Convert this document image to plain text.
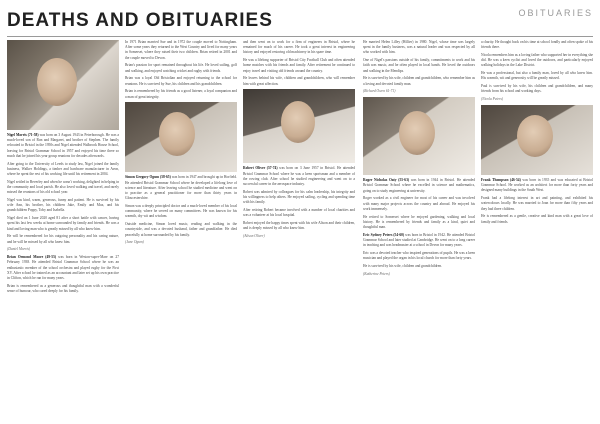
DEATHS AND OBITUARIES	OBITUARIES

Nigel Morris (71-58) was born on 3 August 1943 in Peterborough. He was a much-loved son of Ron and Margaret, and brother of Stephen. The family relocated to Bristol in the 1950s and Nigel attended Walbrook House School, leaving for Bristol Grammar School in 1957 and enjoyed his time there so much that he joined his year group reunions for decades afterwards.

After going to the University of Leeds to study law, Nigel joined the family business, Walker Holdings, a timber and hardware manufacturer in Avon, where he spent the rest of his working life until his retirement in 2004.

Nigel settled in Beverley and when he wasn't working, delighted in helping in the community and local parish. He also loved walking and travel, and rarely missed the reunions of his old school year.

Nigel was kind, warm, generous, funny and patient. He is survived by his wife Ann, his brother, his children Jake, Emily and Max, and his grandchildren Poppy, Toby and Isabella.

Nigel died on 1 June 2020 aged 81 after a short battle with cancer, having spent his last few weeks at home surrounded by family and friends. He was a kind and loving man who is greatly missed by all who knew him.

He will be remembered for his outgoing personality and his caring nature, and he will be missed by all who knew him.

(Daniel Morris)

Brian Ormond Moore (49-55) was born in Weston-super-Mare on 27 February 1938. He attended Bristol Grammar School where he was an enthusiastic member of the school orchestra and played rugby for the First XV. After school he trained as an accountant and later set up his own practice in Clifton, which he ran for many years.

Brian is remembered as a generous and thoughtful man with a wonderful sense of humour, who cared deeply for his family.

In 1971 Brian married Sue and in 1972 the couple moved to Nottingham. After some years they returned to the West Country and lived for many years in Somerset, where they raised their two children. Brian retired in 2001 and the couple moved to Devon.

Brian's passion for sport remained throughout his life. He loved sailing, golf and walking, and enjoyed watching cricket and rugby with friends.

Brian was a loyal Old Bristolian and enjoyed returning to the school for reunions. He is survived by Sue, his children and his grandchildren.

Brian is remembered by his friends as a good listener, a loyal companion and a man of great integrity.

Simon Gregory Ogum (58-65) was born in 1947 and brought up in Horfield. He attended Bristol Grammar School where he developed a lifelong love of science and literature. After leaving school he studied medicine and went on to practise as a general practitioner for more than thirty years in Gloucestershire.

Simon was a deeply principled doctor and a much-loved member of his local community, where he served on many committees. He was known for his warmth, dry wit and wisdom.

Outside medicine, Simon loved music, reading and walking in the countryside, and was a devoted husband, father and grandfather. He died peacefully at home surrounded by his family.

(Jane Ogum)

and then went on to work for a firm of engineers in Bristol, where he remained for much of his career. He took a great interest in engineering history and enjoyed restoring old machinery in his spare time.

He was a lifelong supporter of Bristol City Football Club and often attended home matches with his friends and family. After retirement he continued to enjoy travel and visiting old friends around the country.

He leaves behind his wife, children and grandchildren, who will remember him with great affection.

Robert Oliver (57-74) was born on 3 June 1957 in Bristol. He attended Bristol Grammar School where he was a keen sportsman and a member of the rowing club. After school he studied engineering and went on to a successful career in the aerospace industry.

Robert was admired by colleagues for his calm leadership, his integrity and his willingness to help others. He enjoyed sailing, cycling and spending time with his family.

After retiring Robert became involved with a number of local charities and was a volunteer at his local hospital.

Robert enjoyed the happy times spent with his wife Alison and their children, and is deeply missed by all who knew him.

(Alison Oliver)

He married Helen Lilley (Hillier) in 1980. Nigel, whose time was largely spent in the family business, was a natural leader and was respected by all who worked with him.

One of Nigel's passions outside of his family, commitments to work and his faith was music, and he often played in local bands. He loved the outdoors and walking in the Mendips.

He is survived by his wife, children and grandchildren, who remember him as a loving and devoted family man.

(Richard Owen 61-71)

Roger Nicholas Oaty (55-63) was born in 1944 in Bristol. He attended Bristol Grammar School where he excelled in science and mathematics, going on to study engineering at university.

Roger worked as a civil engineer for most of his career and was involved with many major projects across the country and abroad. He enjoyed his work immensely.

He retired to Somerset where he enjoyed gardening, walking and local history. He is remembered by friends and family as a kind, quiet and thoughtful man.

Eric Sydney Peters (54-60) was born in Bristol in 1942. He attended Bristol Grammar School and later studied at Cambridge. He went on to a long career in teaching and was headmaster at a school in Devon for many years.

Eric was a devoted teacher who inspired generations of pupils. He was a keen musician and played the organ in his local church for more than forty years.

He is survived by his wife, children and grandchildren.

(Katherine Peters)

a charity. He thought back on his time at school fondly and often spoke of his friends there.

Nicola remembers him as a loving father who supported her in everything she did. He was a keen cyclist and loved the outdoors, and particularly enjoyed walking holidays in the Lake District.

He was a professional, but also a family man, loved by all who knew him. His warmth, wit and generosity will be greatly missed.

Paul is survived by his wife, his children and grandchildren, and many friends from his school and working days.

(Nicola Peters)

Frank Thompson (46-54) was born in 1935 and was educated at Bristol Grammar School. He worked as an architect for more than forty years and designed many buildings in the South West.

Frank had a lifelong interest in art and painting, and exhibited his watercolours locally. He was married to Joan for more than fifty years and they had three children.

He is remembered as a gentle, creative and kind man with a great love of family and friends.
